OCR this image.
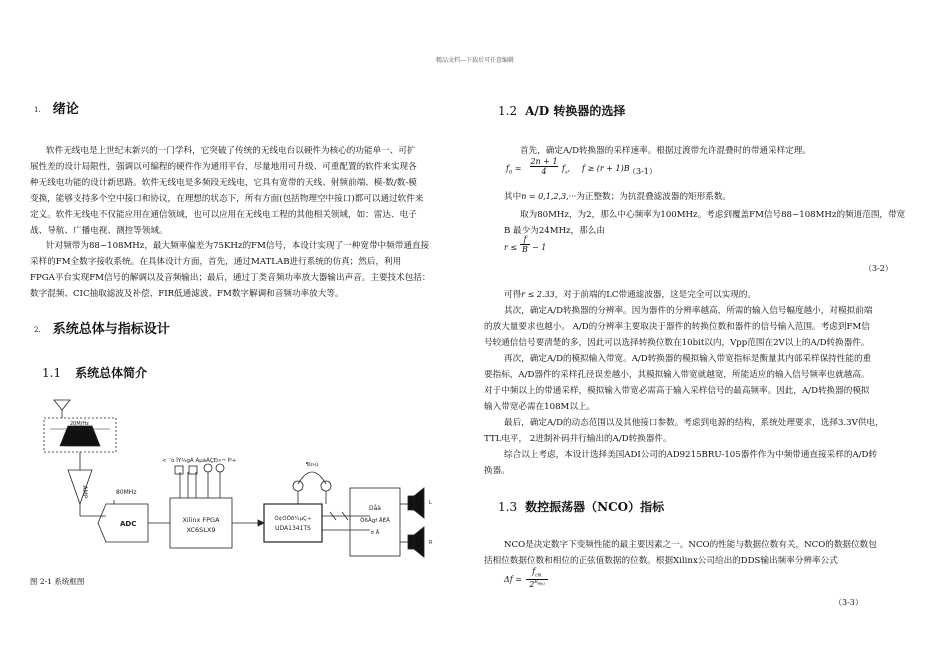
精品文档---下载后可任意编辑
1. 绪论
软件无线电是上世纪末新兴的一门学科，它突破了传统的无线电台以硬件为核心的功能单一、可扩
展性差的设计局限性，强调以可编程的硬件作为通用平台，尽量地用可升级、可重配置的软件来实现各
种无线电功能的设计新思路。软件无线电是多频段无线电，它具有宽带的天线、射频前端、模-数/数-模
变换，能够支持多个空中接口和协议，在理想的状态下，所有方面(包括物理空中接口)都可以通过软件来
定义。软件无线电不仅能应用在通信领域，也可以应用在无线电工程的其他相关领域，如：雷达、电子
战、导航、广播电视、测控等领域。
针对频带为88~108MHz，最大频率偏差为75KHz的FM信号，本设计实现了一种宽带中频带通直接
采样的FM全数字接收系统。在具体设计方面，首先，通过MATLAB进行系统的仿真；然后，利用
FPGA平台实现FM信号的解调以及音频输出；最后，通过丁类音频功率放大器输出声音。主要技术包括：
数字混频、CIC抽取滤波及补偿、FIR低通滤波、FM数字解调和音频功率放大等。
2. 系统总体与指标设计
1.1 系统总体简介
20M/Hz
38MHz
AMP	80MHz
ADC	Xilinx FPGA
XC6SLX9
< ¯ò ÎÝ¾gÃ ÀµàÀÇÐ»¬ Ìº+
Ò¢ÓÖð¼µÇ÷
UDA1341TS
¶ú»ú
Dåà
Ö6Ägf ÅÊÄ
ó Å
L
R
图 2-1 系统框图
1.2 A/D 转换器的选择
首先，确定A/D转换器的采样速率。根据过渡带允许混叠时的带通采样定理。
$f_0$ =
2n + 1
4	$f_s$, f ≥ (r + 1)B
（3-1）
其中n = 0,1,2,3,···为正整数；为抗混叠滤波器的矩形系数。
取为80MHz，为2，那么中心频率为100MHz。考虑到覆盖FM信号88~108MHz的频道范围，带宽
B 最少为24MHz，那么由
r ≤
f
B − 1
（3-2）
可得r ≤ 2.33，对于前端的LC带通滤波器，这是完全可以实现的。
其次，确定A/D转换器的分辨率。因为器件的分辨率越高，所需的输入信号幅度越小，对模拟前端
的放大量要求也越小。 A/D的分辨率主要取决于器件的转换位数和器件的信号输入范围。考虑到FM信
号较通信信号要清楚的多，因此可以选择转换位数在10bit以内，Vpp范围在2V以上的A/D转换器件。
再次，确定A/D的模拟输入带宽。A/D转换器的模拟输入带宽指标是衡量其内部采样保持性能的重
要指标，A/D器件的采样孔径误差越小，其模拟输入带宽就越宽，所能适应的输入信号频率也就越高。
对于中频以上的带通采样，模拟输入带宽必需高于输入采样信号的最高频率。因此，A/D转换器的模拟
输入带宽必需在108M以上。
最后，确定A/D的动态范围以及其他接口参数。考虑到电源的结构，系统处理要求，选择3.3V供电，
TTL电平， 2进制补码并行输出的A/D转换器件。
综合以上考虑，本设计选择美国ADI公司的AD9215BRU-105器件作为中频带通直接采样的A/D转
换器。
1.3 数控振荡器（NCO）指标
NCO是决定数字下变频性能的最主要因素之一。NCO的性能与数据位数有关，NCO的数据位数包
括相位数据位数和相位的正弦值数据的位数。根据Xilinx公司给出的DDS输出频率分辨率公式
Δf =
$f_{clk}$
$2^{B_{\theta(n)}}$
（3-3）
